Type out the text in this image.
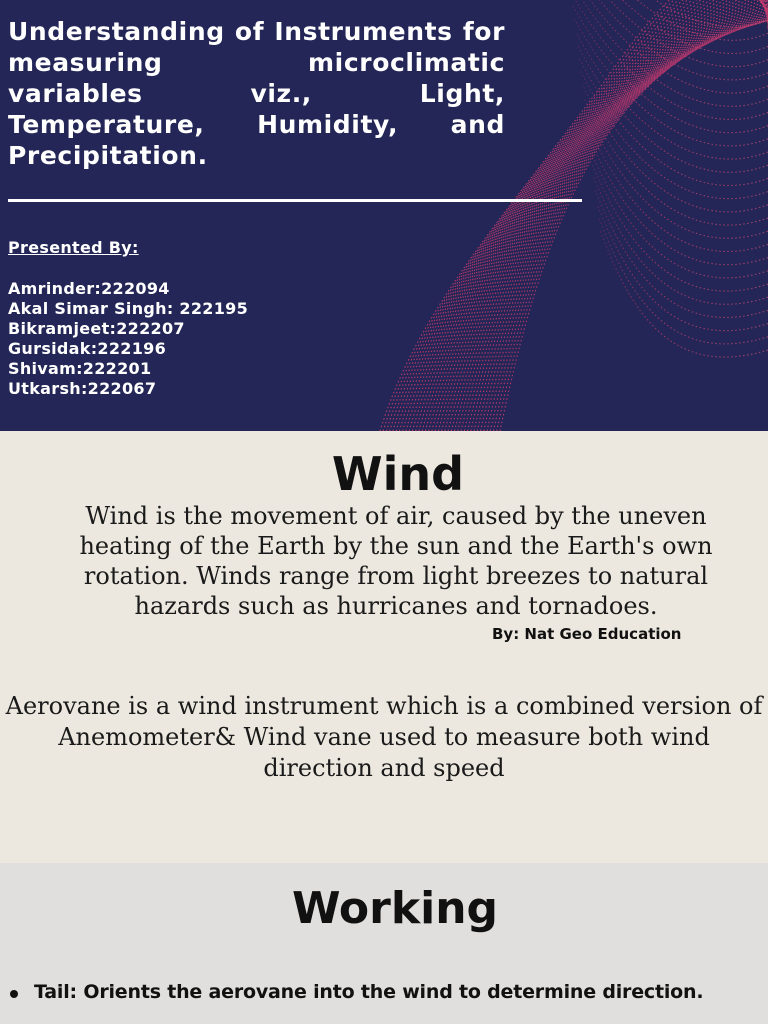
Understanding of Instruments for measuring microclimatic variables viz., Light, Temperature, Humidity, and Precipitation.

Presented By:

Amrinder:222094
Akal Simar Singh: 222195
Bikramjeet:222207
Gursidak:222196
Shivam:222201
Utkarsh:222067
Wind

Wind is the movement of air, caused by the uneven heating of the Earth by the sun and the Earth's own rotation. Winds range from light breezes to natural hazards such as hurricanes and tornadoes.

By: Nat Geo Education

Aerovane is a wind instrument which is a combined version of Anemometer& Wind vane used to measure both wind direction and speed

Working
Tail: Orients the aerovane into the wind to determine direction.
